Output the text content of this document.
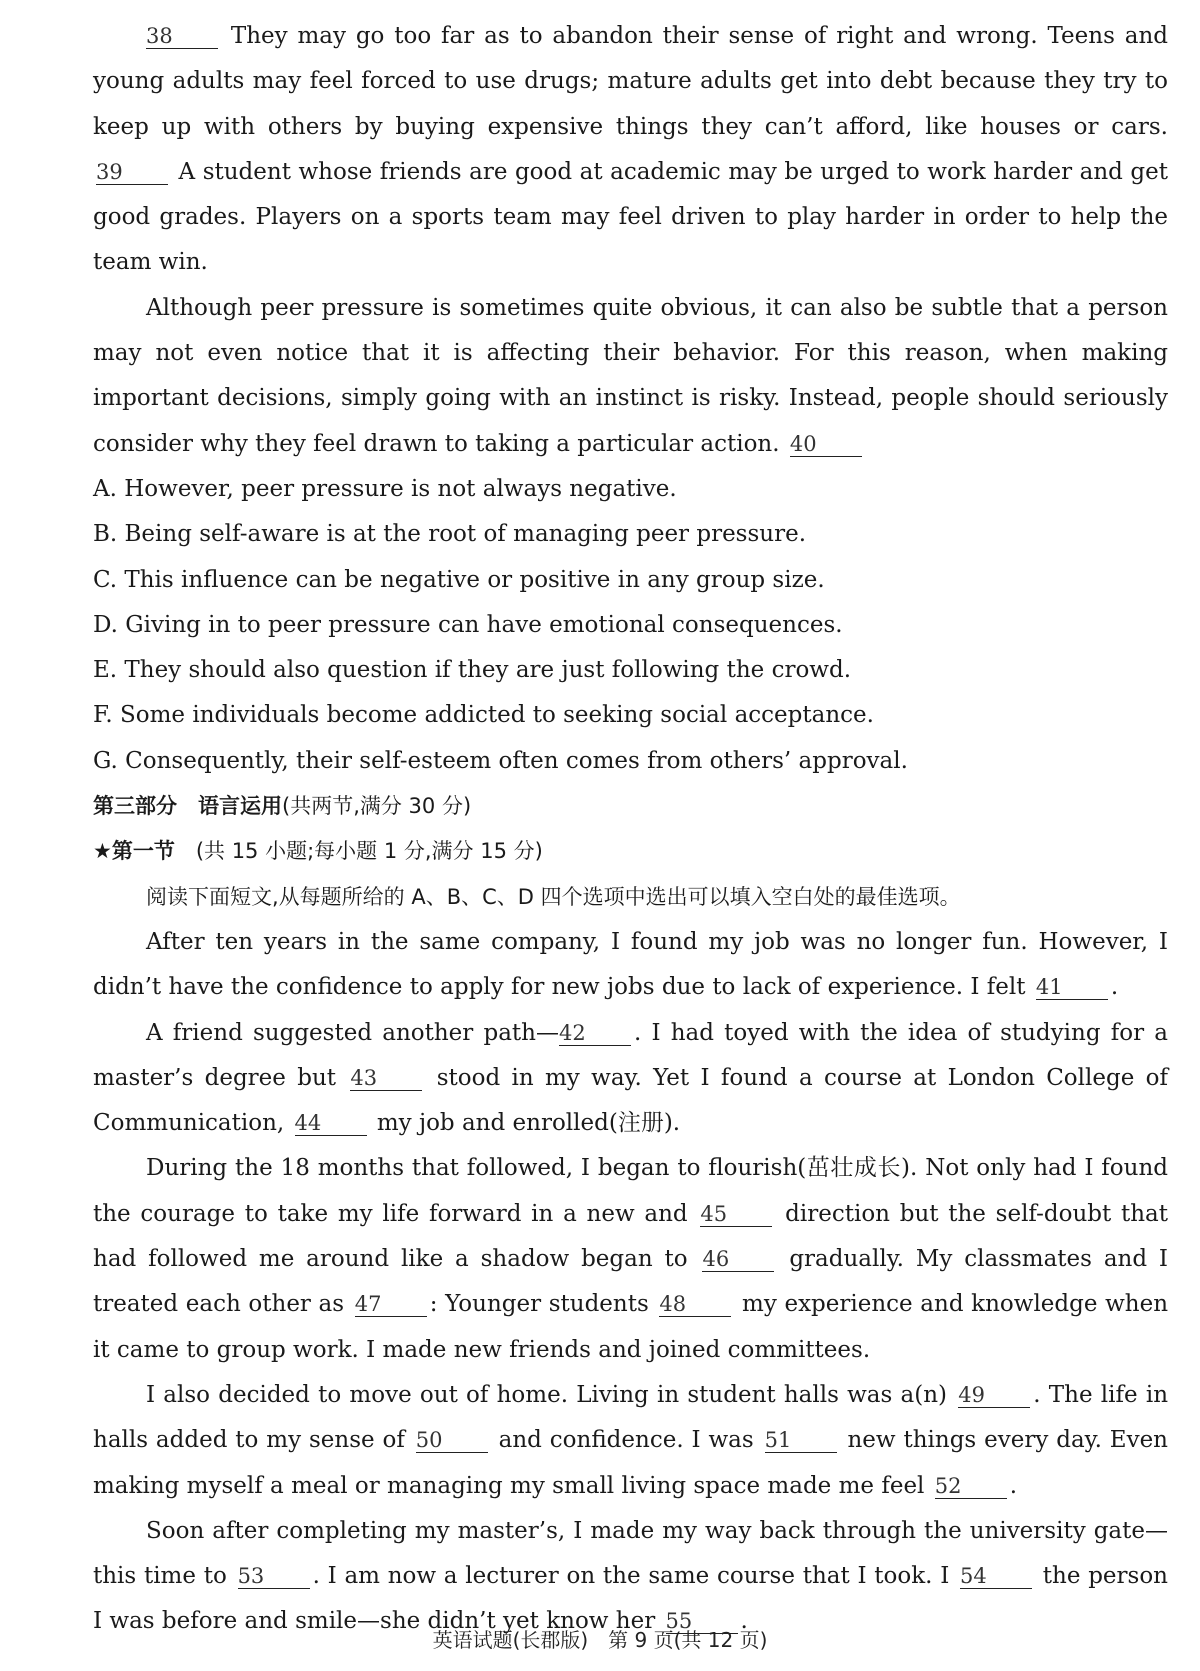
38	They may go too far as to abandon their sense of right and wrong. Teens and young adults may feel forced to use drugs; mature adults get into debt because they try to keep up with others by buying expensive things they can’t afford, like houses or cars. 39 A student whose friends are good at academic may be urged to work harder and get good grades. Players on a sports team may feel driven to play harder in order to help the team win.

Although peer pressure is sometimes quite obvious, it can also be subtle that a person may not even notice that it is affecting their behavior. For this reason, when making important decisions, simply going with an instinct is risky. Instead, people should seriously consider why they feel drawn to taking a particular action. 40

A. However, peer pressure is not always negative.

B. Being self-aware is at the root of managing peer pressure.

C. This influence can be negative or positive in any group size.

D. Giving in to peer pressure can have emotional consequences.

E. They should also question if they are just following the crowd.

F. Some individuals become addicted to seeking social acceptance.

G. Consequently, their self-esteem often comes from others’ approval.

第三部分　语言运用(共两节,满分 30 分)

★第一节　 (共 15 小题;每小题 1 分,满分 15 分)

阅读下面短文,从每题所给的 A、B、C、D 四个选项中选出可以填入空白处的最佳选项。

After ten years in the same company, I found my job was no longer fun. However, I didn’t have the confidence to apply for new jobs due to lack of experience. I felt 41 .

A friend suggested another path—42 . I had toyed with the idea of studying for a master’s degree but 43	stood in my way. Yet I found a course at London College of Communication, 44 my job and enrolled(注册).

During the 18 months that followed, I began to flourish(茁壮成长). Not only had I found the courage to take my life forward in a new and 45	direction but the self-doubt that had followed me around like a shadow began to 46	gradually. My classmates and I treated each other as 47 : Younger students 48 my experience and knowledge when it came to group work. I made new friends and joined committees.

I also decided to move out of home. Living in student halls was a(n) 49 . The life in halls added to my sense of 50 and confidence. I was 51 new things every day. Even making myself a meal or managing my small living space made me feel 52 .

Soon after completing my master’s, I made my way back through the university gate—this time to 53 . I am now a lecturer on the same course that I took. I 54 the person I was before and smile—she didn’t yet know her 55 .

英语试题(长郡版)　第 9 页(共 12 页)
